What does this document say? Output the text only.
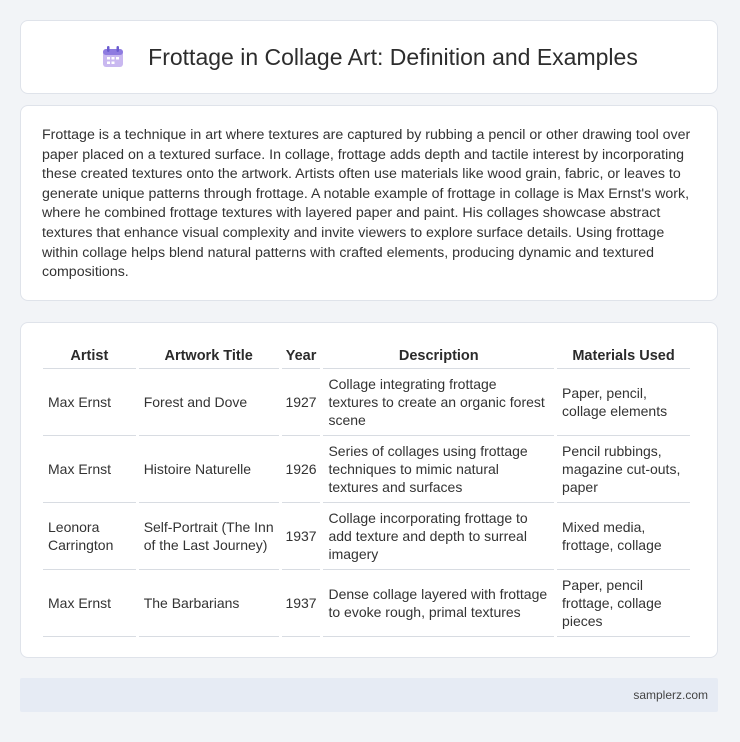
Frottage in Collage Art: Definition and Examples

Frottage is a technique in art where textures are captured by rubbing a pencil or other drawing tool over paper placed on a textured surface. In collage, frottage adds depth and tactile interest by incorporating these created textures onto the artwork. Artists often use materials like wood grain, fabric, or leaves to generate unique patterns through frottage. A notable example of frottage in collage is Max Ernst's work, where he combined frottage textures with layered paper and paint. His collages showcase abstract textures that enhance visual complexity and invite viewers to explore surface details. Using frottage within collage helps blend natural patterns with crafted elements, producing dynamic and textured compositions.

Artist	Artwork Title	Year	Description	Materials Used
Max Ernst	Forest and Dove	1927	Collage integrating frottage textures to create an organic forest scene	Paper, pencil, collage elements
Max Ernst	Histoire Naturelle	1926	Series of collages using frottage techniques to mimic natural textures and surfaces	Pencil rubbings, magazine cut-outs, paper
Leonora Carrington	Self-Portrait (The Inn of the Last Journey)	1937	Collage incorporating frottage to add texture and depth to surreal imagery	Mixed media, frottage, collage
Max Ernst	The Barbarians	1937	Dense collage layered with frottage to evoke rough, primal textures	Paper, pencil frottage, collage pieces
samplerz.com
